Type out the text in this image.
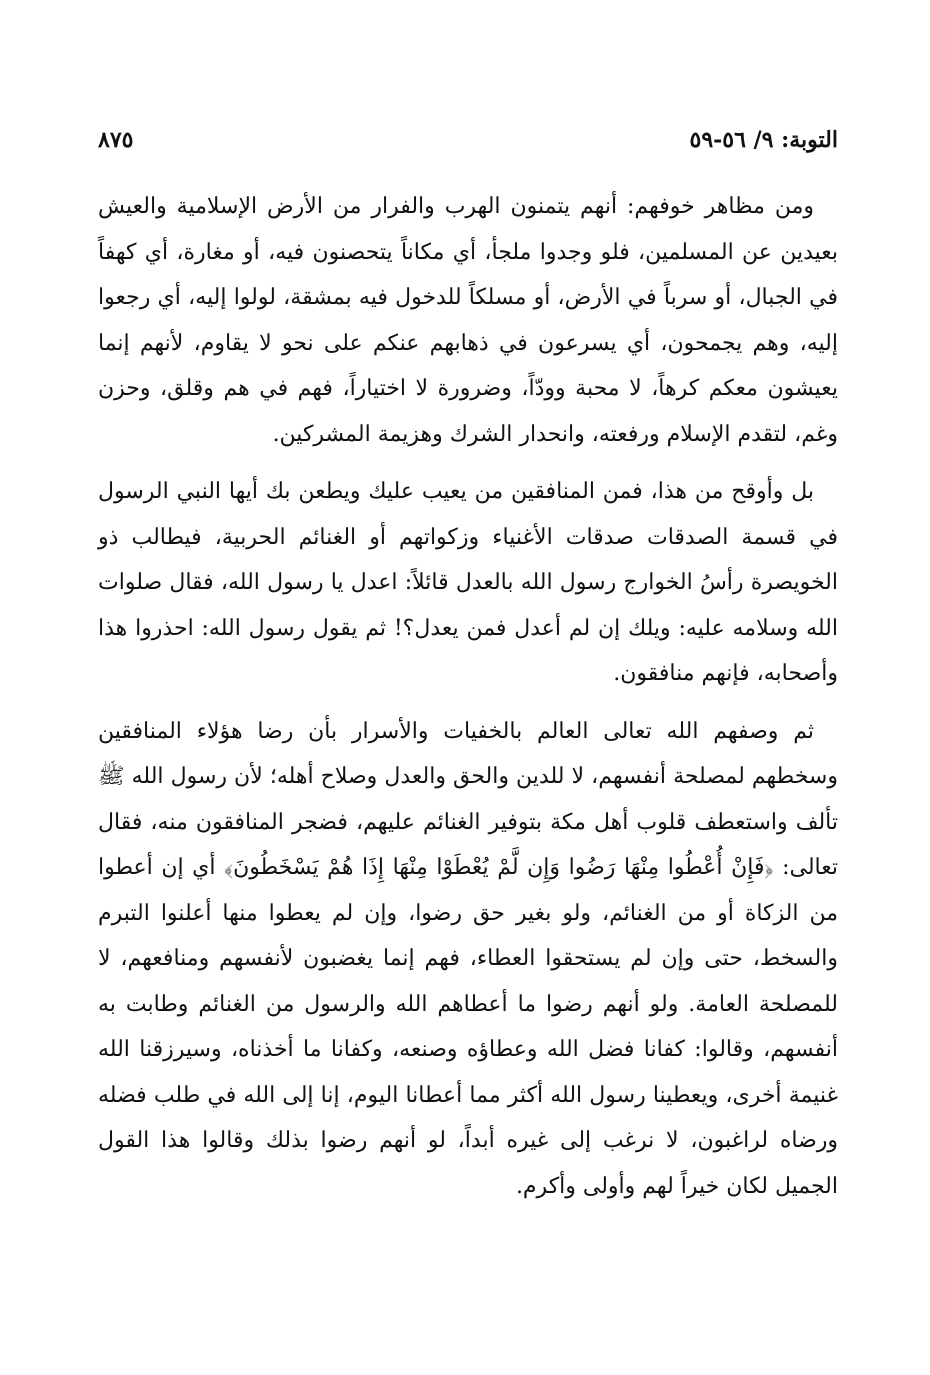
التوبة: ٩/ ٥٦-٥٩
٨٧٥

ومن مظاهر خوفهم: أنهم يتمنون الهرب والفرار من الأرض الإسلامية والعيش بعيدين عن المسلمين، فلو وجدوا ملجأ، أي مكاناً يتحصنون فيه، أو مغارة، أي كهفاً في الجبال، أو سرباً في الأرض، أو مسلكاً للدخول فيه بمشقة، لولوا إليه، أي رجعوا إليه، وهم يجمحون، أي يسرعون في ذهابهم عنكم على نحو لا يقاوم، لأنهم إنما يعيشون معكم كرهاً، لا محبة وودّاً، وضرورة لا اختياراً، فهم في هم وقلق، وحزن وغم، لتقدم الإسلام ورفعته، وانحدار الشرك وهزيمة المشركين.

بل وأوقح من هذا، فمن المنافقين من يعيب عليك ويطعن بك أيها النبي الرسول في قسمة الصدقات صدقات الأغنياء وزكواتهم أو الغنائم الحربية، فيطالب ذو الخويصرة رأسُ الخوارج رسول الله بالعدل قائلاً: اعدل يا رسول الله، فقال صلوات الله وسلامه عليه: ويلك إن لم أعدل فمن يعدل؟! ثم يقول رسول الله: احذروا هذا وأصحابه، فإنهم منافقون.

ثم وصفهم الله تعالى العالم بالخفيات والأسرار بأن رضا هؤلاء المنافقين وسخطهم لمصلحة أنفسهم، لا للدين والحق والعدل وصلاح أهله؛ لأن رسول الله ﷺ تألف واستعطف قلوب أهل مكة بتوفير الغنائم عليهم، فضجر المنافقون منه، فقال تعالى: ﴿فَإِنْ أُعْطُوا مِنْهَا رَضُوا وَإِن لَّمْ يُعْطَوْا مِنْهَا إِذَا هُمْ يَسْخَطُونَ﴾ أي إن أعطوا من الزكاة أو من الغنائم، ولو بغير حق رضوا، وإن لم يعطوا منها أعلنوا التبرم والسخط، حتى وإن لم يستحقوا العطاء، فهم إنما يغضبون لأنفسهم ومنافعهم، لا للمصلحة العامة. ولو أنهم رضوا ما أعطاهم الله والرسول من الغنائم وطابت به أنفسهم، وقالوا: كفانا فضل الله وعطاؤه وصنعه، وكفانا ما أخذناه، وسيرزقنا الله غنيمة أخرى، ويعطينا رسول الله أكثر مما أعطانا اليوم، إنا إلى الله في طلب فضله ورضاه لراغبون، لا نرغب إلى غيره أبداً، لو أنهم رضوا بذلك وقالوا هذا القول الجميل لكان خيراً لهم وأولى وأكرم.
